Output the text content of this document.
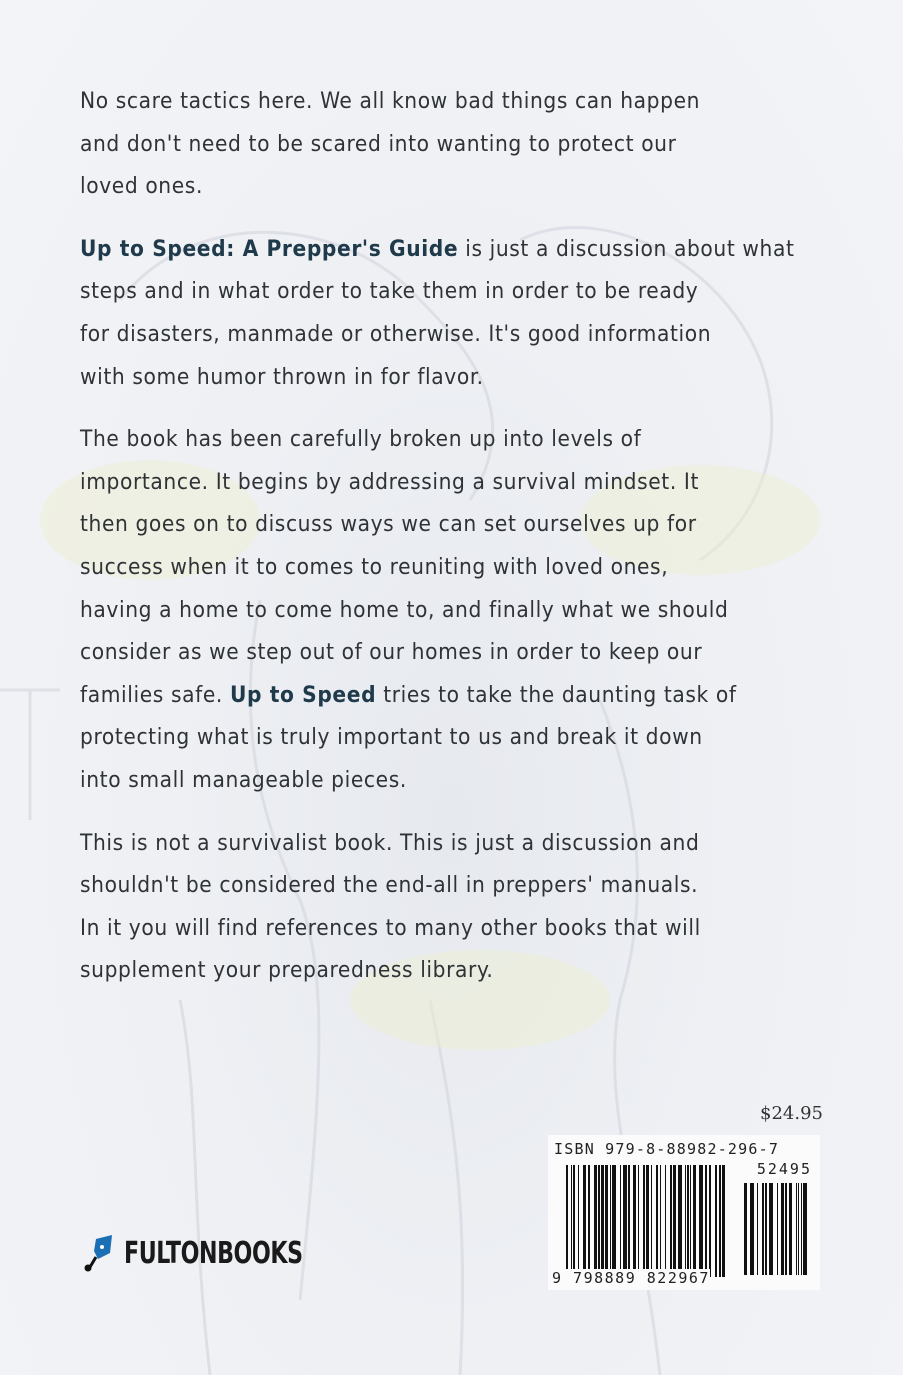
No scare tactics here. We all know bad things can happen
and don't need to be scared into wanting to protect our
loved ones.
Up to Speed: A Prepper's Guide is just a discussion about what
steps and in what order to take them in order to be ready
for disasters, manmade or otherwise. It's good information
with some humor thrown in for flavor.
The book has been carefully broken up into levels of
importance. It begins by addressing a survival mindset. It
then goes on to discuss ways we can set ourselves up for
success when it to comes to reuniting with loved ones,
having a home to come home to, and finally what we should
consider as we step out of our homes in order to keep our
families safe. Up to Speed tries to take the daunting task of
protecting what is truly important to us and break it down
into small manageable pieces.
This is not a survivalist book. This is just a discussion and
shouldn't be considered the end-all in preppers' manuals.
In it you will find references to many other books that will
supplement your preparedness library.
$24.95
ISBN 979-8-88982-296-7
52495
9 798889 822967
FULTONBOOKS
